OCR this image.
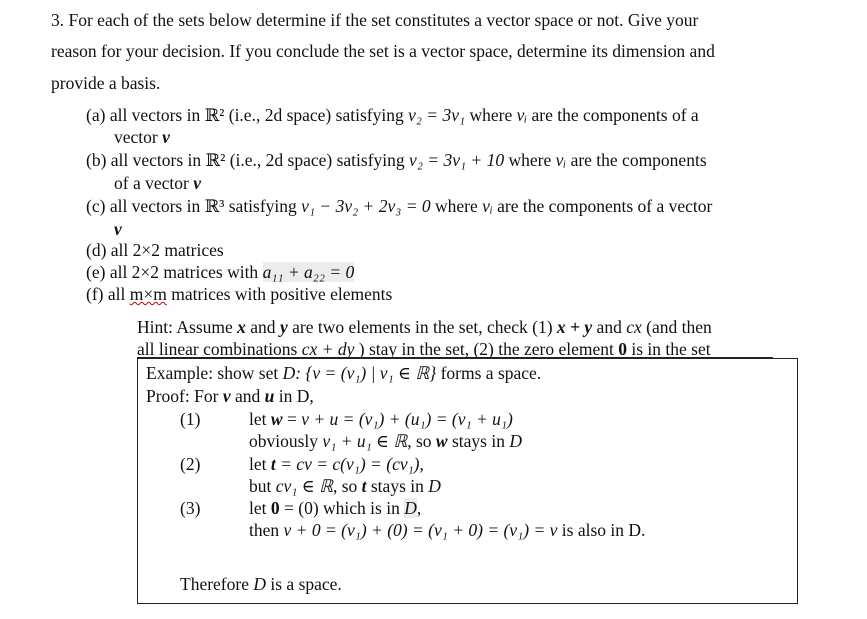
3. For each of the sets below determine if the set constitutes a vector space or not. Give your
reason for your decision. If you conclude the set is a vector space, determine its dimension and
provide a basis.
(a) all vectors in ℝ² (i.e., 2d space) satisfying v₂ = 3v₁ where vᵢ are the components of a
vector v
(b) all vectors in ℝ² (i.e., 2d space) satisfying v₂ = 3v₁ + 10 where vᵢ are the components
of a vector v
(c) all vectors in ℝ³ satisfying v₁ − 3v₂ + 2v₃ = 0 where vᵢ are the components of a vector
v
(d) all 2×2 matrices
(e) all 2×2 matrices with a₁₁ + a₂₂ = 0
(f) all m×m matrices with positive elements
Hint: Assume x and y are two elements in the set, check (1) x + y and cx (and then
all linear combinations cx + dy ) stay in the set, (2) the zero element 0 is in the set
Example: show set D: {v = (v₁) | v₁ ∈ ℝ} forms a space.
Proof: For v and u in D,
(1)	let w = v + u = (v₁) + (u₁) = (v₁ + u₁)
obviously v₁ + u₁ ∈ ℝ, so w stays in D
(2)	let t = cv = c(v₁) = (cv₁),
but cv₁ ∈ ℝ, so t stays in D
(3)	let 0 = (0) which is in D,
then v + 0 = (v₁) + (0) = (v₁ + 0) = (v₁) = v is also in D.
Therefore D is a space.
